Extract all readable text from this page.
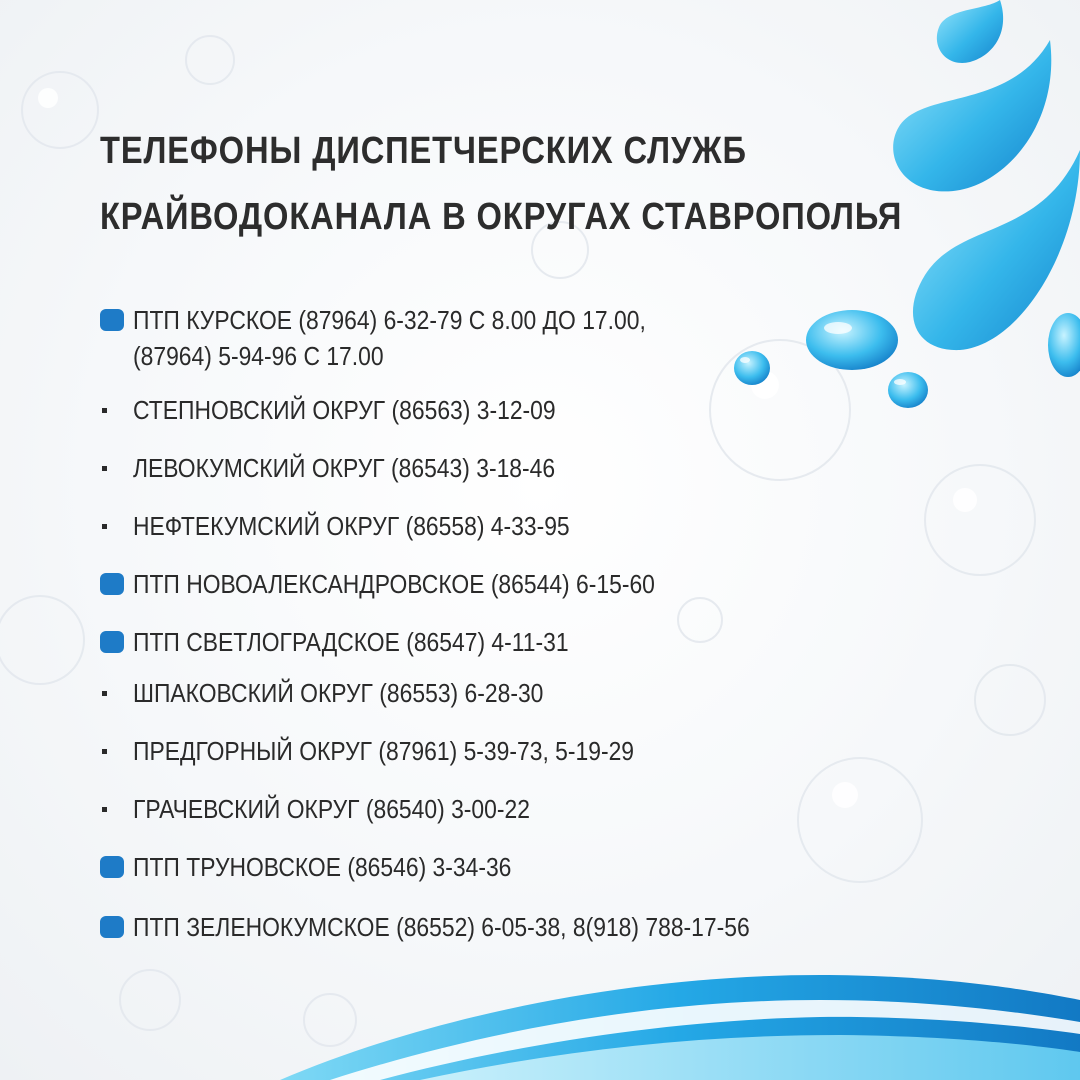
ТЕЛЕФОНЫ ДИСПЕТЧЕРСКИХ СЛУЖБ
КРАЙВОДОКАНАЛА В ОКРУГАХ СТАВРОПОЛЬЯ
ПТП КУРСКОЕ (87964) 6-32-79 С 8.00 ДО 17.00,
(87964) 5-94-96 С 17.00
СТЕПНОВСКИЙ ОКРУГ (86563) 3-12-09
ЛЕВОКУМСКИЙ ОКРУГ (86543) 3-18-46
НЕФТЕКУМСКИЙ ОКРУГ (86558) 4-33-95
ПТП НОВОАЛЕКСАНДРОВСКОЕ (86544) 6-15-60
ПТП СВЕТЛОГРАДСКОЕ (86547) 4-11-31
ШПАКОВСКИЙ ОКРУГ (86553) 6-28-30
ПРЕДГОРНЫЙ ОКРУГ (87961) 5-39-73, 5-19-29
ГРАЧЕВСКИЙ ОКРУГ (86540) 3-00-22
ПТП ТРУНОВСКОЕ (86546) 3-34-36
ПТП ЗЕЛЕНОКУМСКОЕ (86552) 6-05-38, 8(918) 788-17-56
